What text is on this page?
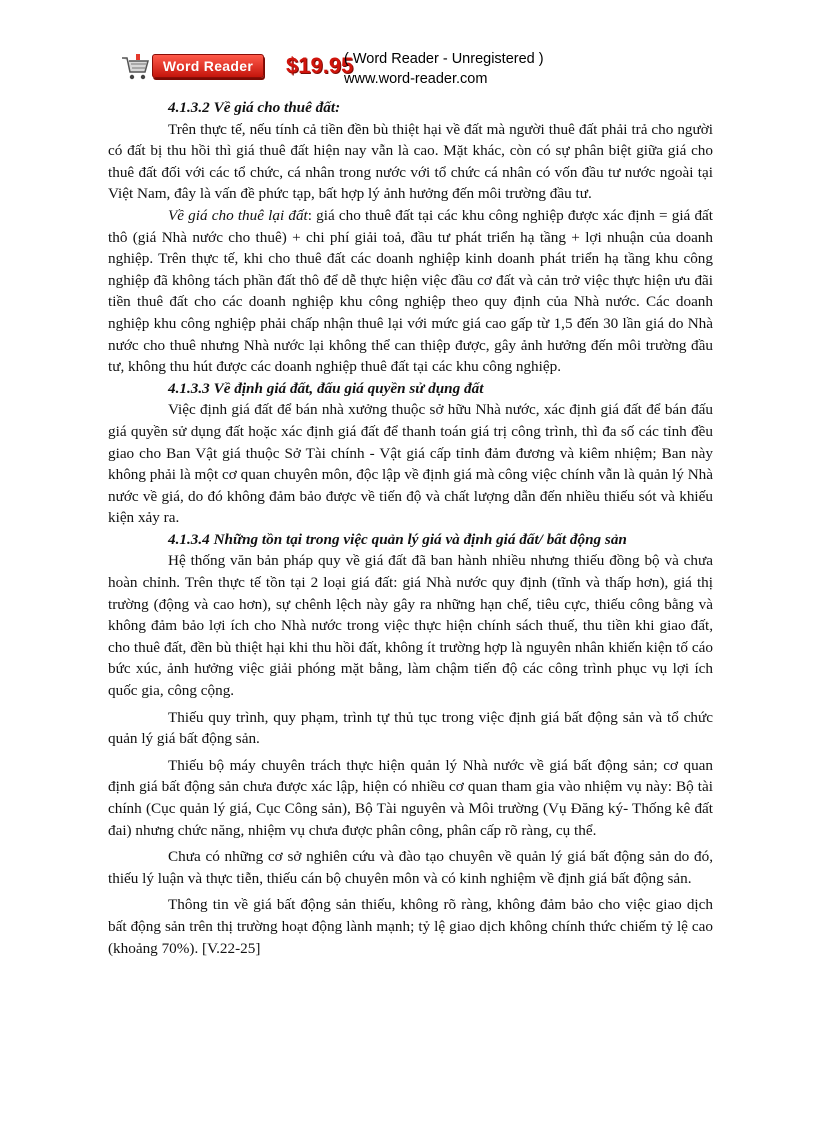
Word Reader	$19.95
( Word Reader - Unregistered )
www.word-reader.com

4.1.3.2 Về giá cho thuê đất:

Trên thực tế, nếu tính cả tiền đền bù thiệt hại về đất mà người thuê đất phải trả cho người có đất bị thu hồi thì giá thuê đất hiện nay vẫn là cao. Mặt khác, còn có sự phân biệt giữa giá cho thuê đất đối với các tổ chức, cá nhân trong nước với tổ chức cá nhân có vốn đầu tư nước ngoài tại Việt Nam, đây là vấn đề phức tạp, bất hợp lý ảnh hưởng đến môi trường đầu tư.

Về giá cho thuê lại đất: giá cho thuê đất tại các khu công nghiệp được xác định = giá đất thô (giá Nhà nước cho thuê) + chi phí giải toả, đầu tư phát triển hạ tầng + lợi nhuận của doanh nghiệp. Trên thực tế, khi cho thuê đất các doanh nghiệp kinh doanh phát triển hạ tầng khu công nghiệp đã không tách phần đất thô để dễ thực hiện việc đầu cơ đất và cản trở việc thực hiện ưu đãi tiền thuê đất cho các doanh nghiệp khu công nghiệp theo quy định của Nhà nước. Các doanh nghiệp khu công nghiệp phải chấp nhận thuê lại với mức giá cao gấp từ 1,5 đến 30 lần giá do Nhà nước cho thuê nhưng Nhà nước lại không thể can thiệp được, gây ảnh hưởng đến môi trường đầu tư, không thu hút được các doanh nghiệp thuê đất tại các khu công nghiệp.

4.1.3.3 Về định giá đất, đấu giá quyền sử dụng đất

Việc định giá đất để bán nhà xưởng thuộc sở hữu Nhà nước, xác định giá đất để bán đấu giá quyền sử dụng đất hoặc xác định giá đất để thanh toán giá trị công trình, thì đa số các tỉnh đều giao cho Ban Vật giá thuộc Sở Tài chính - Vật giá cấp tỉnh đảm đương và kiêm nhiệm; Ban này không phải là một cơ quan chuyên môn, độc lập về định giá mà công việc chính vẫn là quản lý Nhà nước về giá, do đó không đảm bảo được về tiến độ và chất lượng dẫn đến nhiều thiếu sót và khiếu kiện xảy ra.

4.1.3.4 Những tồn tại trong việc quản lý giá và định giá đất/ bất động sản

Hệ thống văn bản pháp quy về giá đất đã ban hành nhiều nhưng thiếu đồng bộ và chưa hoàn chỉnh. Trên thực tế tồn tại 2 loại giá đất: giá Nhà nước quy định (tĩnh và thấp hơn), giá thị trường (động và cao hơn), sự chênh lệch này gây ra những hạn chế, tiêu cực, thiếu công bằng và không đảm bảo lợi ích cho Nhà nước trong việc thực hiện chính sách thuế, thu tiền khi giao đất, cho thuê đất, đền bù thiệt hại khi thu hồi đất, không ít trường hợp là nguyên nhân khiến kiện tố cáo bức xúc, ảnh hưởng việc giải phóng mặt bằng, làm chậm tiến độ các công trình phục vụ lợi ích quốc gia, công cộng.

Thiếu quy trình, quy phạm, trình tự thủ tục trong việc định giá bất động sản và tổ chức quản lý giá bất động sản.

Thiếu bộ máy chuyên trách thực hiện quản lý Nhà nước về giá bất động sản; cơ quan định giá bất động sản chưa được xác lập, hiện có nhiều cơ quan tham gia vào nhiệm vụ này: Bộ tài chính (Cục quản lý giá, Cục Công sản), Bộ Tài nguyên và Môi trường (Vụ Đăng ký- Thống kê đất đai) nhưng chức năng, nhiệm vụ chưa được phân công, phân cấp rõ ràng, cụ thể.

Chưa có những cơ sở nghiên cứu và đào tạo chuyên về quản lý giá bất động sản do đó, thiếu lý luận và thực tiễn, thiếu cán bộ chuyên môn và có kinh nghiệm về định giá bất động sản.

Thông tin về giá bất động sản thiếu, không rõ ràng, không đảm bảo cho việc giao dịch bất động sản trên thị trường hoạt động lành mạnh; tỷ lệ giao dịch không chính thức chiếm tỷ lệ cao (khoảng 70%). [V.22-25]
